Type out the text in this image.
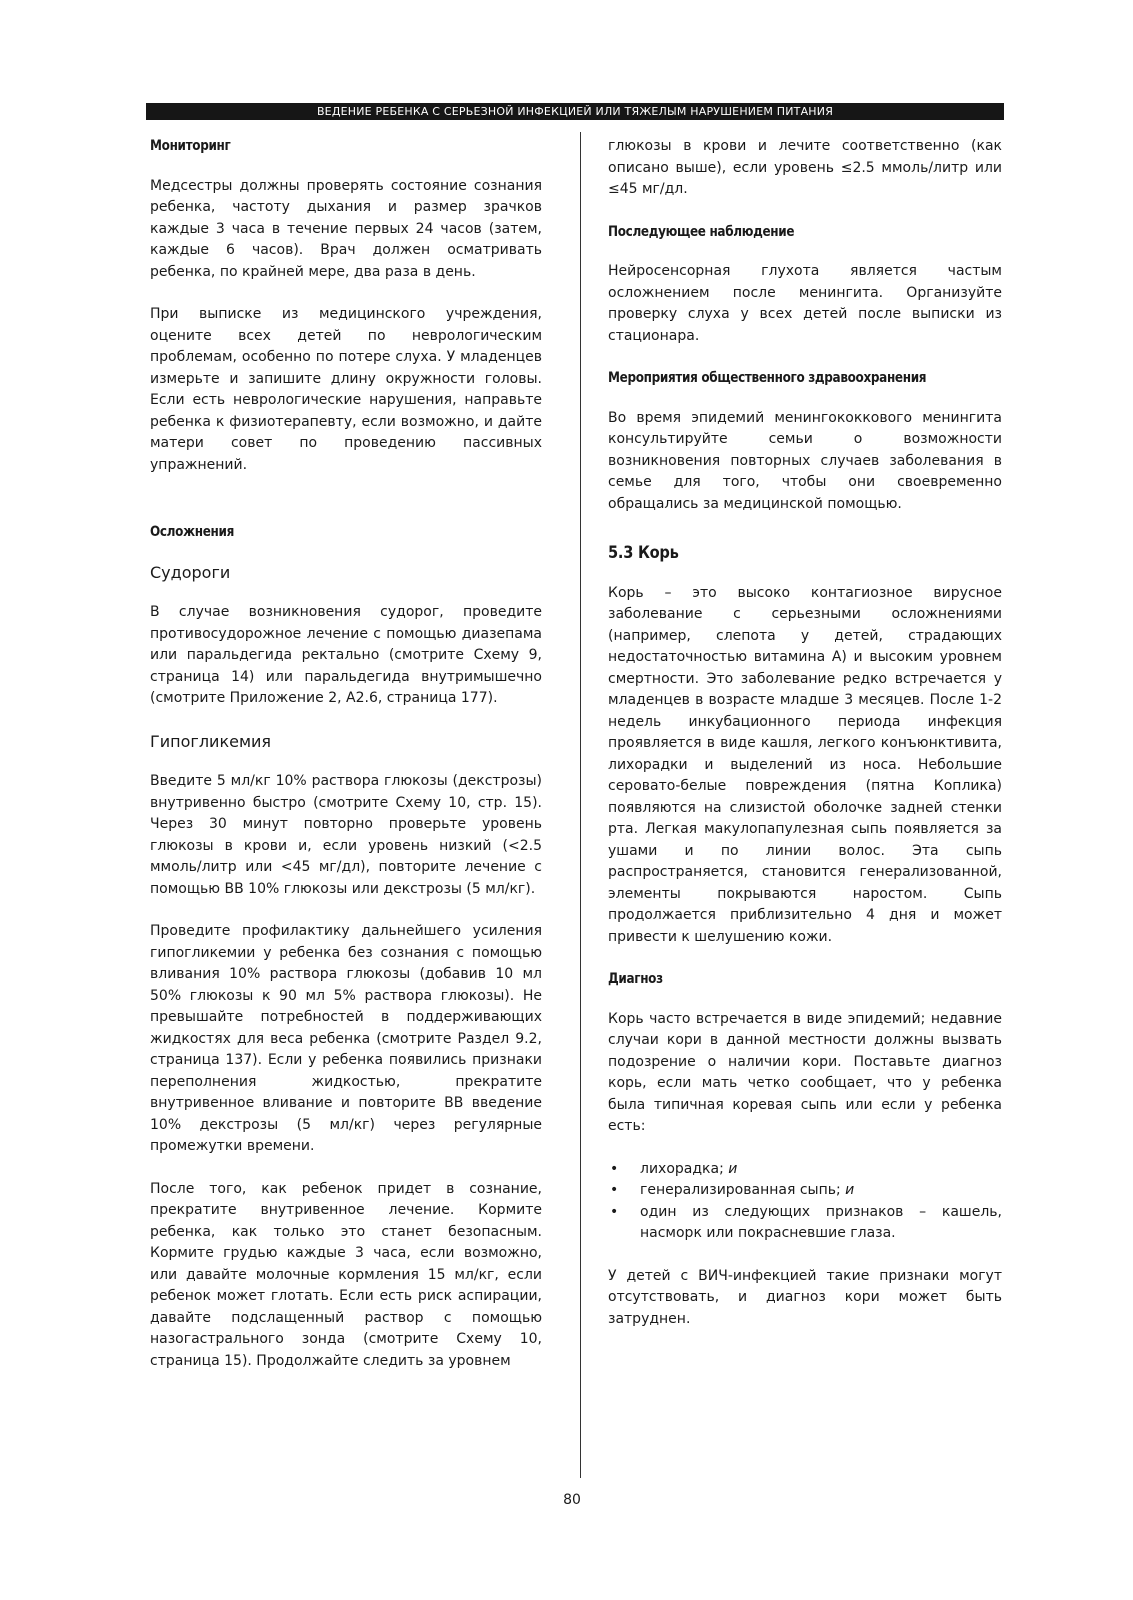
ВЕДЕНИЕ РЕБЕНКА С СЕРЬЕЗНОЙ ИНФЕКЦИЕЙ ИЛИ ТЯЖЕЛЫМ НАРУШЕНИЕМ ПИТАНИЯ
Мониторинг

Медсестры должны проверять состояние сознания ребенка, частоту дыхания и размер зрачков каждые 3 часа в течение первых 24 часов (затем, каждые 6 часов). Врач должен осматривать ребенка, по крайней мере, два раза в день.

При выписке из медицинского учреждения, оцените всех детей по неврологическим проблемам, особенно по потере слуха. У младенцев измерьте и запишите длину окружности головы. Если есть неврологические нарушения, направьте ребенка к физиотерапевту, если возможно, и дайте матери совет по проведению пассивных упражнений.

Осложнения
Судороги

В случае возникновения судорог, проведите противосудорожное лечение с помощью диазепама или паральдегида ректально (смотрите Схему 9, страница 14) или паральдегида внутримышечно (смотрите Приложение 2, А2.6, страница 177).

Гипогликемия

Введите 5 мл/кг 10% раствора глюкозы (декстрозы) внутривенно быстро (смотрите Схему 10, стр. 15). Через 30 минут повторно проверьте уровень глюкозы в крови и, если уровень низкий (<2.5 ммоль/литр или <45 мг/дл), повторите лечение с помощью ВВ 10% глюкозы или декстрозы (5 мл/кг).

Проведите профилактику дальнейшего усиления гипогликемии у ребенка без сознания с помощью вливания 10% раствора глюкозы (добавив 10 мл 50% глюкозы к 90 мл 5% раствора глюкозы). Не превышайте потребностей в поддерживающих жидкостях для веса ребенка (смотрите Раздел 9.2, страница 137). Если у ребенка появились признаки переполнения жидкостью, прекратите внутривенное вливание и повторите ВВ введение 10% декстрозы (5 мл/кг) через регулярные промежутки времени.

После того, как ребенок придет в сознание, прекратите внутривенное лечение. Кормите ребенка, как только это станет безопасным. Кормите грудью каждые 3 часа, если возможно, или давайте молочные кормления 15 мл/кг, если ребенок может глотать. Если есть риск аспирации, давайте подслащенный раствор с помощью назогастрального зонда (смотрите Схему 10, страница 15). Продолжайте следить за уровнем

глюкозы в крови и лечите соответственно (как описано выше), если уровень ≤2.5 ммоль/литр или ≤45 мг/дл.

Последующее наблюдение

Нейросенсорная глухота является частым осложнением после менингита. Организуйте проверку слуха у всех детей после выписки из стационара.

Мероприятия общественного здравоохранения

Во время эпидемий менингококкового менингита консультируйте семьи о возможности возникновения повторных случаев заболевания в семье для того, чтобы они своевременно обращались за медицинской помощью.

5.3 Корь

Корь – это высоко контагиозное вирусное заболевание с серьезными осложнениями (например, слепота у детей, страдающих недостаточностью витамина А) и высоким уровнем смертности. Это заболевание редко встречается у младенцев в возрасте младше 3 месяцев. После 1-2 недель инкубационного периода инфекция проявляется в виде кашля, легкого конъюнктивита, лихорадки и выделений из носа. Небольшие серовато-белые повреждения (пятна Коплика) появляются на слизистой оболочке задней стенки рта. Легкая макулопапулезная сыпь появляется за ушами и по линии волос. Эта сыпь распространяется, становится генерализованной, элементы покрываются наростом. Сыпь продолжается приблизительно 4 дня и может привести к шелушению кожи.

Диагноз

Корь часто встречается в виде эпидемий; недавние случаи кори в данной местности должны вызвать подозрение о наличии кори. Поставьте диагноз корь, если мать четко сообщает, что у ребенка была типичная коревая сыпь или если у ребенка есть:

• лихорадка; и
• генерализированная сыпь; и
• один из следующих признаков – кашель, насморк или покрасневшие глаза.

У детей с ВИЧ-инфекцией такие признаки могут отсутствовать, и диагноз кори может быть затруднен.

80
